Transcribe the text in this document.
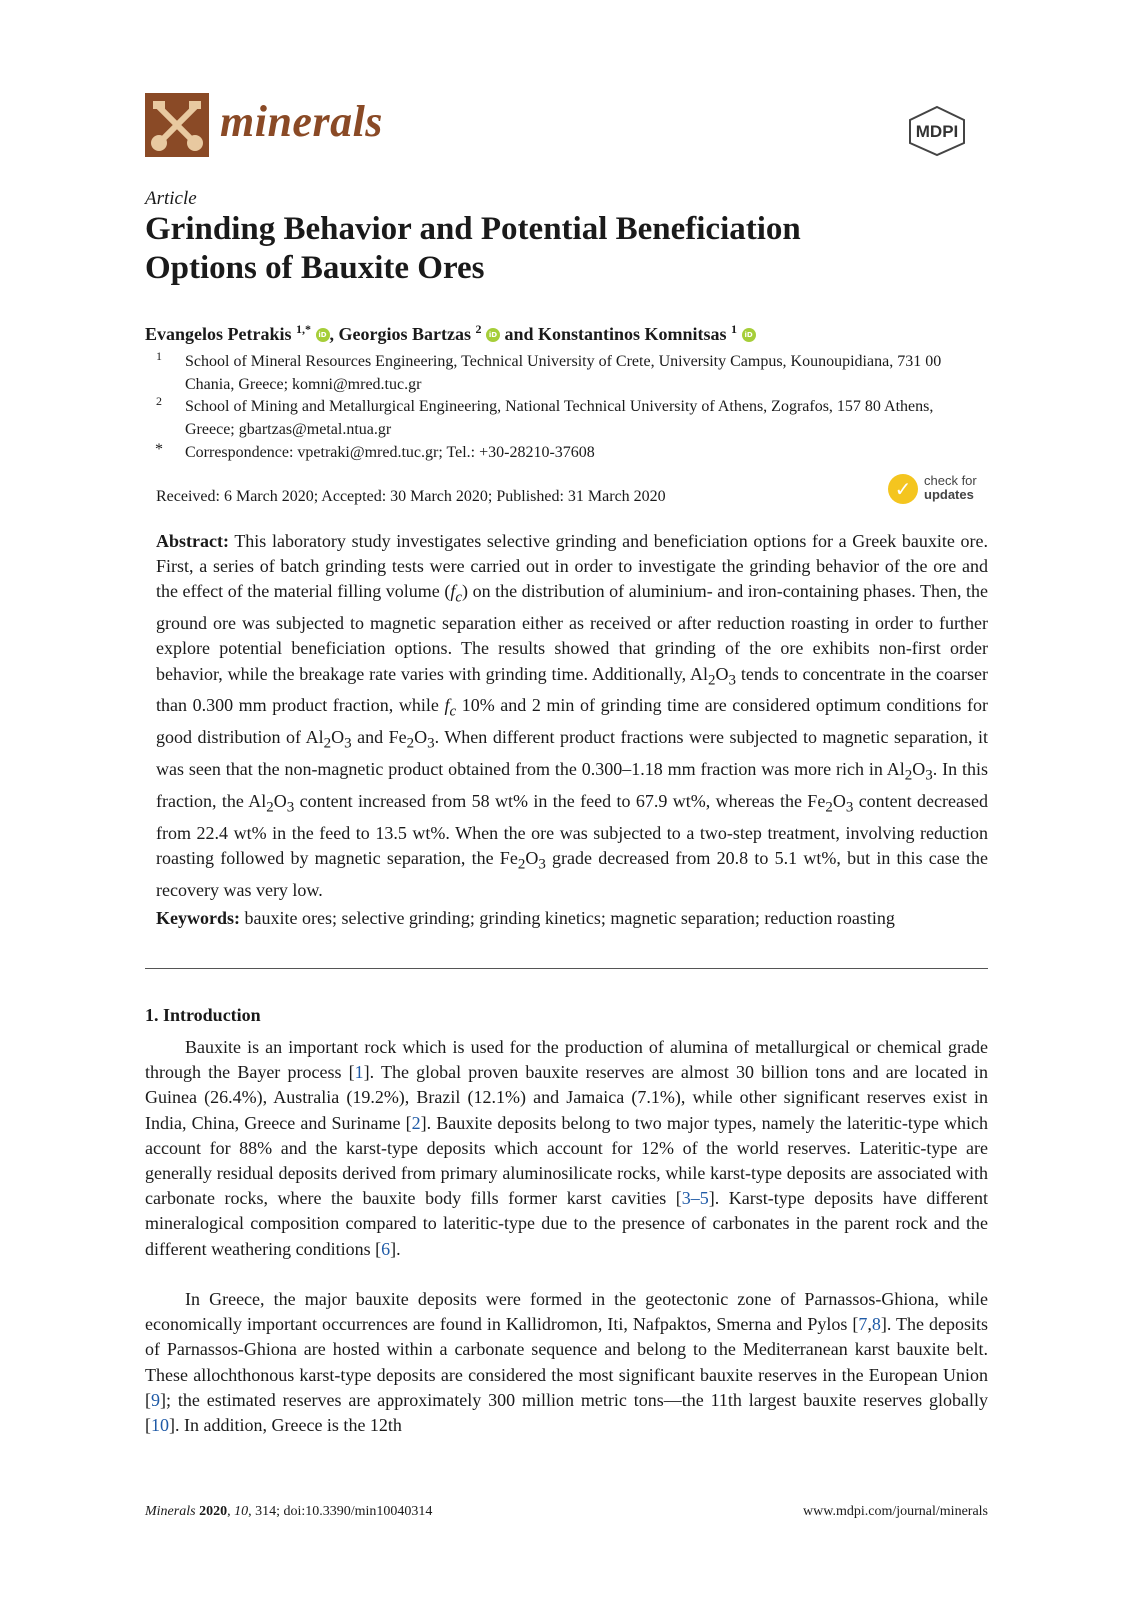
minerals	MDPI
Article
Grinding Behavior and Potential Beneficiation
Options of Bauxite Ores
Evangelos Petrakis $^{1,*}$ iD , Georgios Bartzas $^2$ iD and Konstantinos Komnitsas $^1$ iD
1 School of Mineral Resources Engineering, Technical University of Crete, University Campus, Kounoupidiana, 731 00 Chania, Greece; komni@mred.tuc.gr
2 School of Mining and Metallurgical Engineering, National Technical University of Athens, Zografos, 157 80 Athens, Greece; gbartzas@metal.ntua.gr
* Correspondence: vpetraki@mred.tuc.gr; Tel.: +30-28210-37608
Received: 6 March 2020; Accepted: 30 March 2020; Published: 31 March 2020	✓ check for
updates

Abstract: This laboratory study investigates selective grinding and beneficiation options for a Greek bauxite ore. First, a series of batch grinding tests were carried out in order to investigate the grinding behavior of the ore and the effect of the material filling volume $(f_c)$ on the distribution of aluminium- and iron-containing phases. Then, the ground ore was subjected to magnetic separation either as received or after reduction roasting in order to further explore potential beneficiation options. The results showed that grinding of the ore exhibits non-first order behavior, while the breakage rate varies with grinding time. Additionally, $Al_2O_3$ tends to concentrate in the coarser than 0.300 mm product fraction, while $f_c$ 10% and 2 min of grinding time are considered optimum conditions for good distribution of $Al_2O_3$ and $Fe_2O_3$. When different product fractions were subjected to magnetic separation, it was seen that the non-magnetic product obtained from the 0.300–1.18 mm fraction was more rich in $Al_2O_3$. In this fraction, the $Al_2O_3$ content increased from 58 wt% in the feed to 67.9 wt%, whereas the $Fe_2O_3$ content decreased from 22.4 wt% in the feed to 13.5 wt%. When the ore was subjected to a two-step treatment, involving reduction roasting followed by magnetic separation, the $Fe_2O_3$ grade decreased from 20.8 to 5.1 wt%, but in this case the recovery was very low.

Keywords: bauxite ores; selective grinding; grinding kinetics; magnetic separation; reduction roasting

1. Introduction

Bauxite is an important rock which is used for the production of alumina of metallurgical or chemical grade through the Bayer process [1]. The global proven bauxite reserves are almost 30 billion tons and are located in Guinea (26.4%), Australia (19.2%), Brazil (12.1%) and Jamaica (7.1%), while other significant reserves exist in India, China, Greece and Suriname [2]. Bauxite deposits belong to two major types, namely the lateritic-type which account for 88% and the karst-type deposits which account for 12% of the world reserves. Lateritic-type are generally residual deposits derived from primary aluminosilicate rocks, while karst-type deposits are associated with carbonate rocks, where the bauxite body fills former karst cavities [3–5]. Karst-type deposits have different mineralogical composition compared to lateritic-type due to the presence of carbonates in the parent rock and the different weathering conditions [6].

In Greece, the major bauxite deposits were formed in the geotectonic zone of Parnassos-Ghiona, while economically important occurrences are found in Kallidromon, Iti, Nafpaktos, Smerna and Pylos [7,8]. The deposits of Parnassos-Ghiona are hosted within a carbonate sequence and belong to the Mediterranean karst bauxite belt. These allochthonous karst-type deposits are considered the most significant bauxite reserves in the European Union [9]; the estimated reserves are approximately 300 million metric tons—the 11th largest bauxite reserves globally [10]. In addition, Greece is the 12th

Minerals 2020, 10, 314; doi:10.3390/min10040314	www.mdpi.com/journal/minerals
